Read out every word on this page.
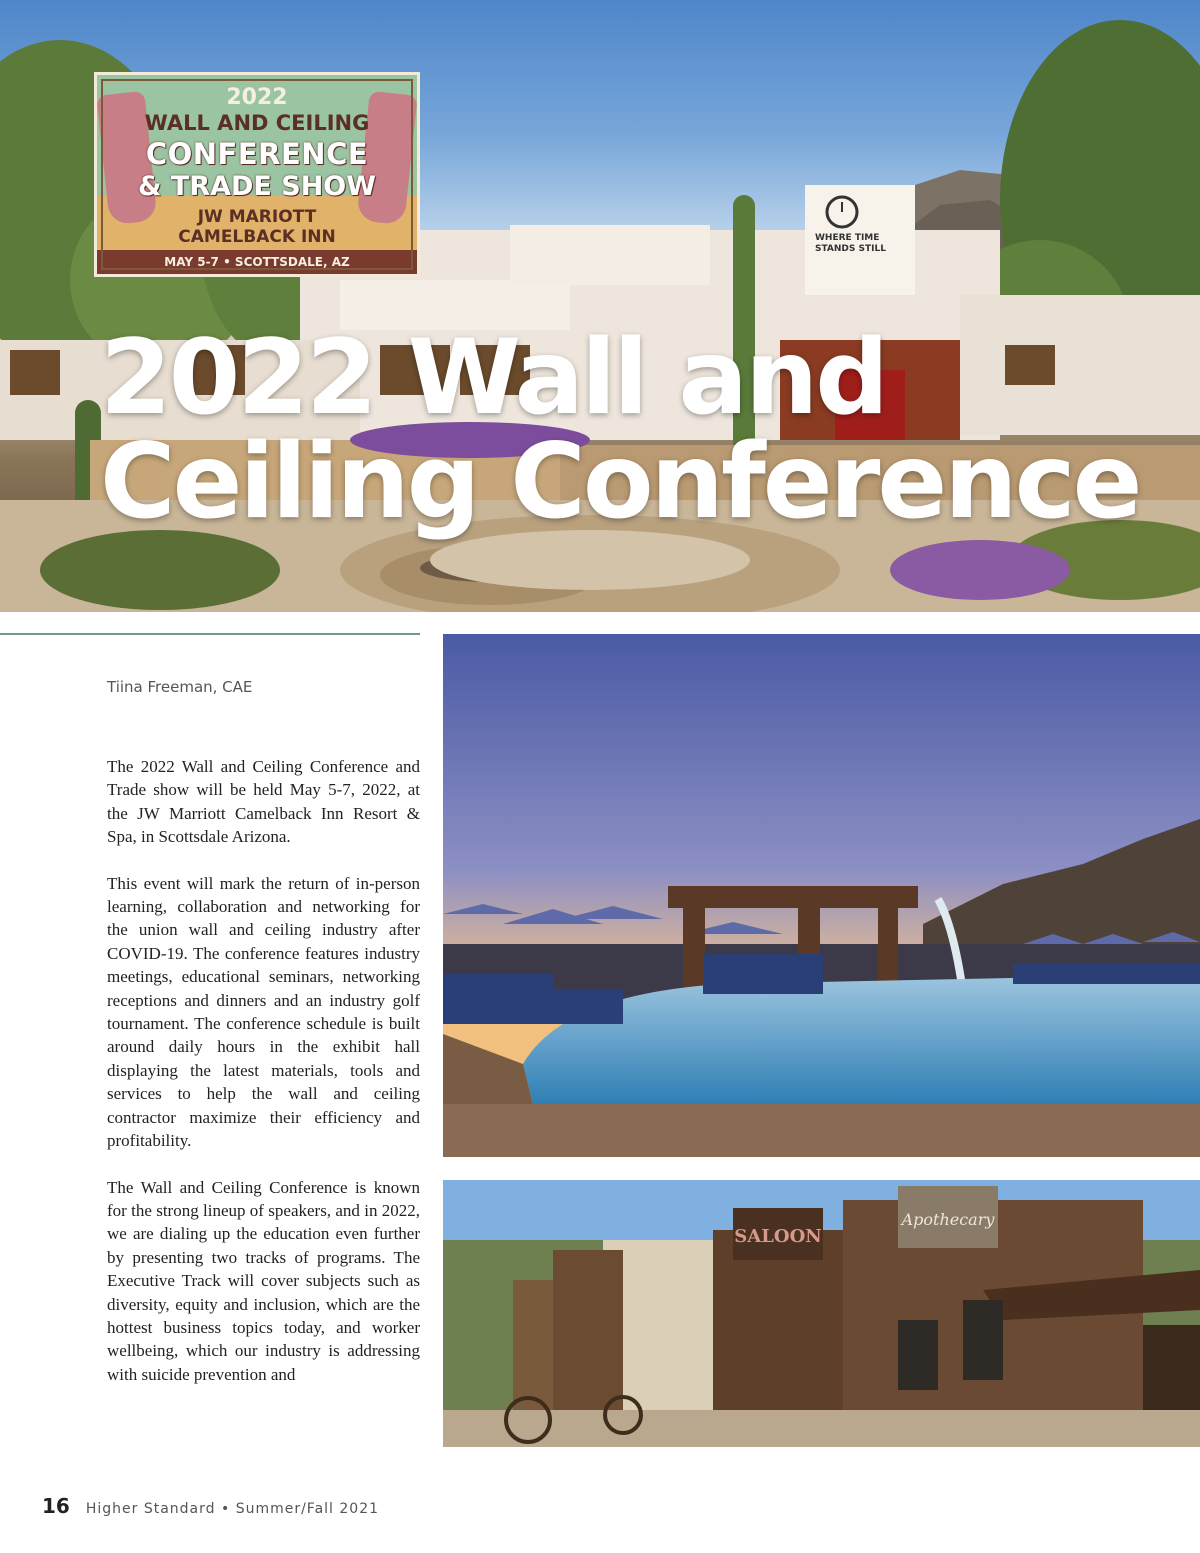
WHERE TIME
STANDS STILL
2022 Wall and
Ceiling Conference
2022
WALL AND CEILING
CONFERENCE
& TRADE SHOW
JW MARIOTT
CAMELBACK INN
MAY 5-7 • SCOTTSDALE, AZ

Tiina Freeman, CAE

The 2022 Wall and Ceiling Conference and Trade show will be held May 5-7, 2022, at the JW Marriott Camelback Inn Resort & Spa, in Scottsdale Arizona.

This event will mark the return of in-person learning, collaboration and networking for the union wall and ceiling industry after COVID-19. The conference features industry meetings, educational seminars, networking receptions and dinners and an industry golf tournament. The conference schedule is built around daily hours in the exhibit hall displaying the latest materials, tools and services to help the wall and ceiling contractor maximize their efficiency and profitability.

The Wall and Ceiling Conference is known for the strong lineup of speakers, and in 2022, we are dialing up the education even further by presenting two tracks of programs. The Executive Track will cover subjects such as diversity, equity and inclusion, which are the hottest business topics today, and worker wellbeing, which our industry is addressing with suicide prevention and

SALOON
Apothecary
16 Higher Standard • Summer/Fall 2021
